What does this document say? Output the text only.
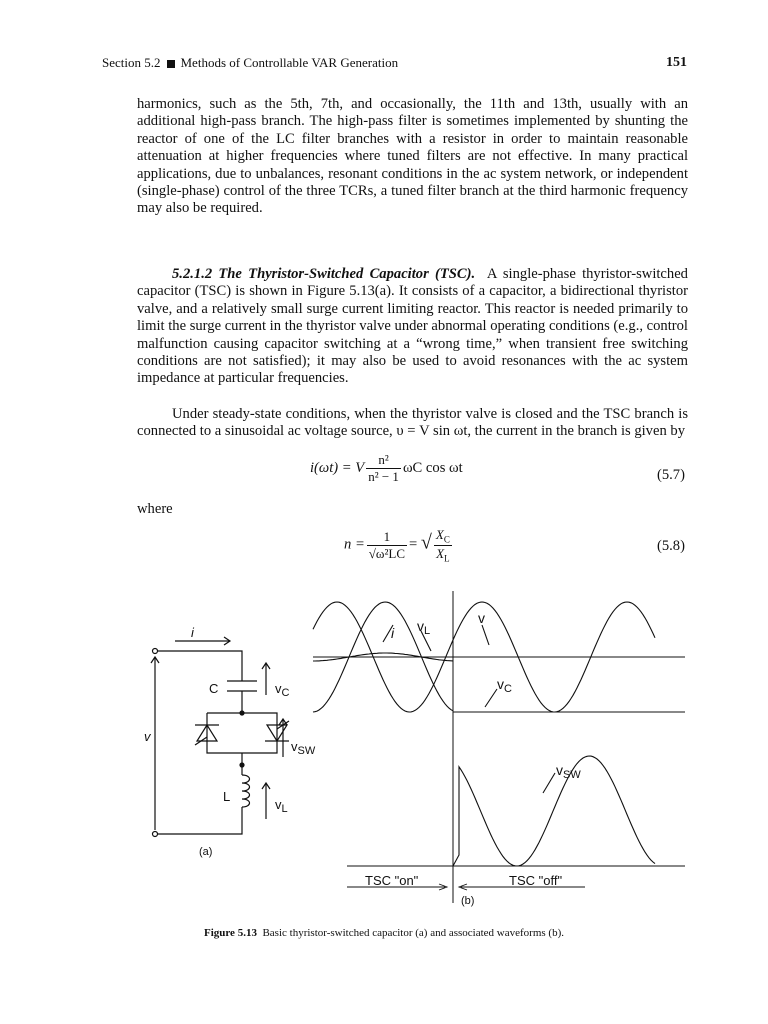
Section 5.2 Methods of Controllable VAR Generation	151

harmonics, such as the 5th, 7th, and occasionally, the 11th and 13th, usually with an additional high-pass branch. The high-pass filter is sometimes implemented by shunting the reactor of one of the LC filter branches with a resistor in order to maintain reasonable attenuation at higher frequencies where tuned filters are not effective. In many practical applications, due to unbalances, resonant conditions in the ac system network, or independent (single-phase) control of the three TCRs, a tuned filter branch at the third harmonic frequency may also be required.

5.2.1.2 The Thyristor-Switched Capacitor (TSC). A single-phase thyristor-switched capacitor (TSC) is shown in Figure 5.13(a). It consists of a capacitor, a bidirectional thyristor valve, and a relatively small surge current limiting reactor. This reactor is needed primarily to limit the surge current in the thyristor valve under abnormal operating conditions (e.g., control malfunction causing capacitor switching at a “wrong time,” when transient free switching conditions are not satisfied); it may also be used to avoid resonances with the ac system impedance at particular frequencies.

Under steady-state conditions, when the thyristor valve is closed and the TSC branch is connected to a sinusoidal ac voltage source, υ = V sin ωt, the current in the branch is given by

i(ωt) = V $\frac{\text{n²}}{\text{n² − 1}}$ ωC cos ωt	(5.7)
where
$n = \frac{1}{\text{√ω²LC}}$ = √ $\frac{X_C}{X_L}$	(5.8)
i
C	$v_C$
v
$v_{SW}$
L
$v_L$
(a)
i $v_L$
v
$v_C$
$v_{SW}$
TSC "on"	TSC "off"
(b)
Figure 5.13 Basic thyristor-switched capacitor (a) and associated waveforms (b).
